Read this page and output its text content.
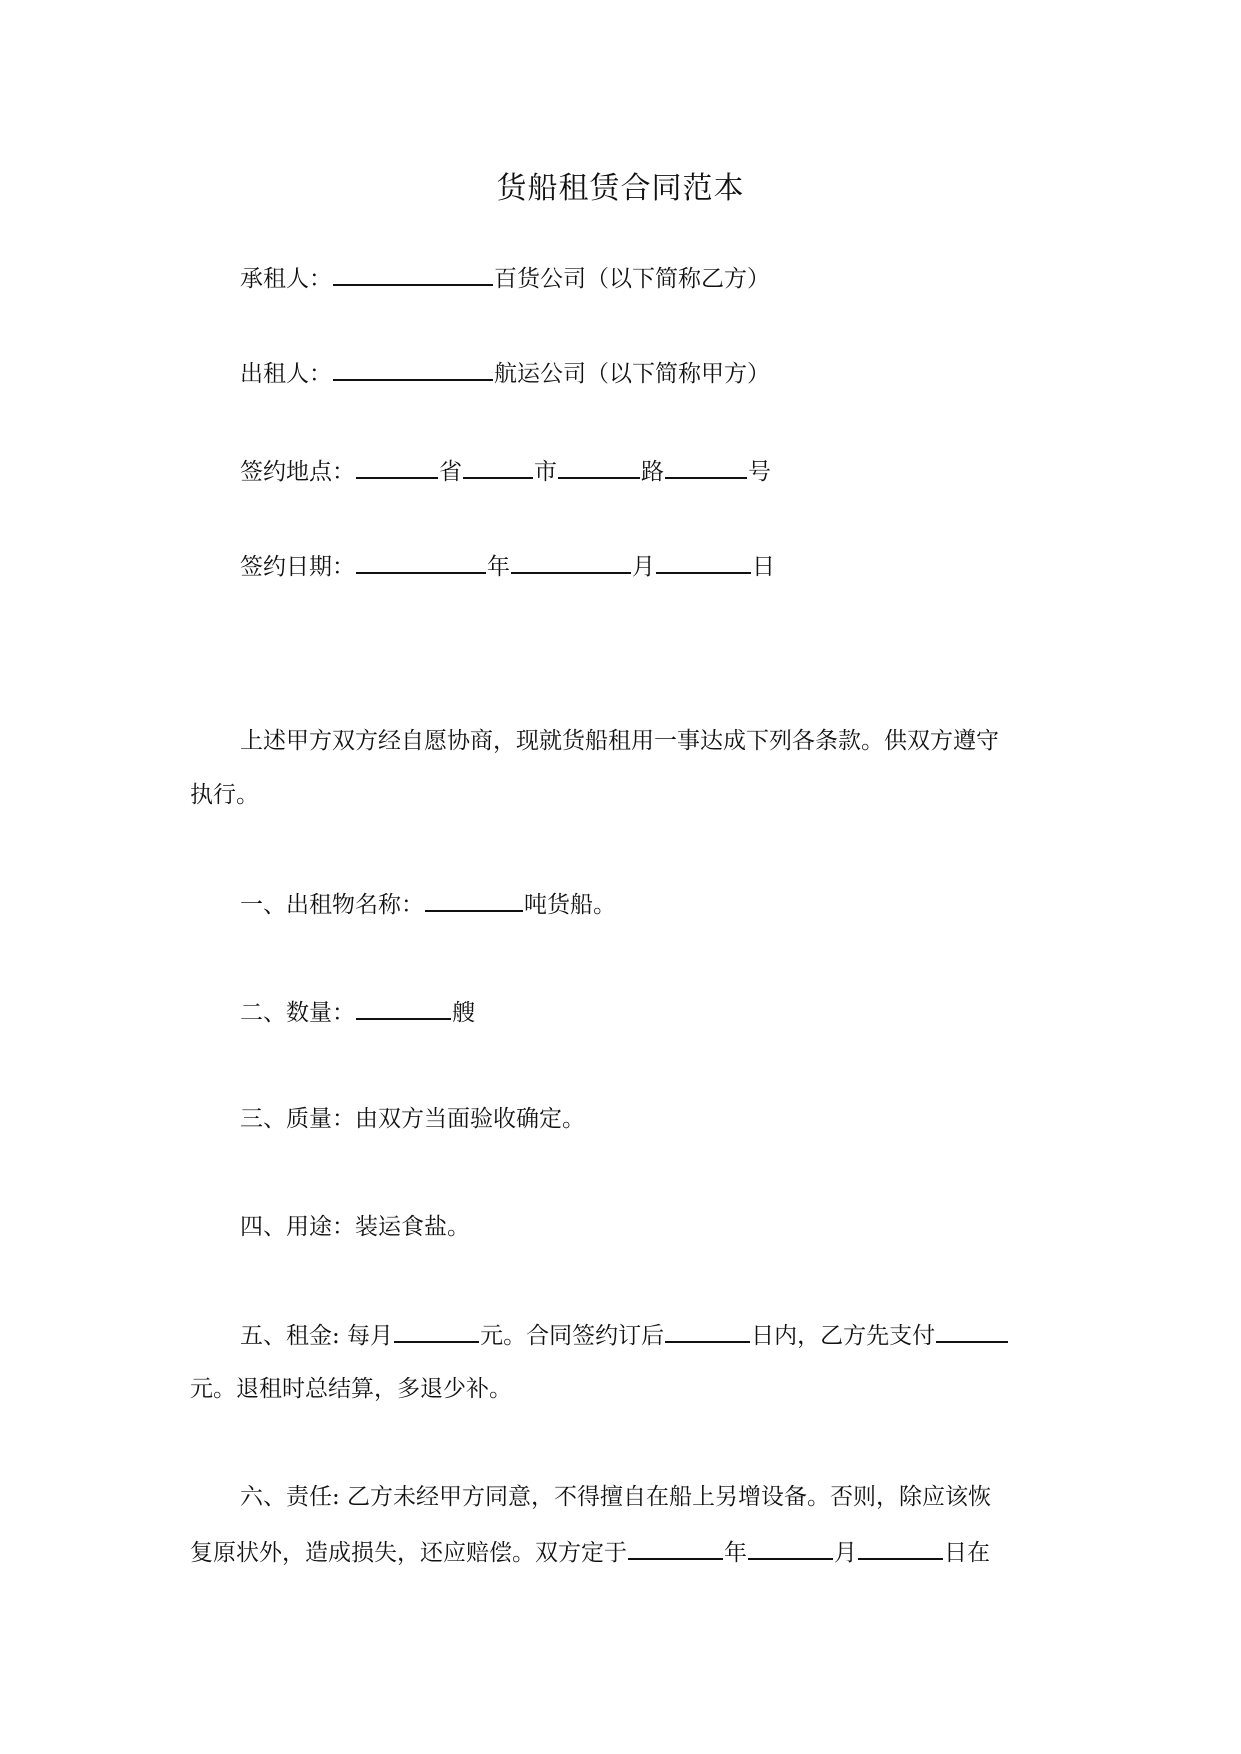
货船租赁合同范本
承租人：	百货公司（以下简称乙方）
出租人：	航运公司（以下简称甲方）
签约地点：	省	市	路	号
签约日期：	年	月	日
上述甲方双方经自愿协商，现就货船租用一事达成下列各条款。供双方遵守
执行。
一、出租物名称：	吨货船。
二、数量：	艘
三、质量：由双方当面验收确定。
四、用途：装运食盐。
五、租金: 每月	元。合同签约订后	日内，乙方先支付
元。退租时总结算，多退少补。
六、责任: 乙方未经甲方同意，不得擅自在船上另增设备。否则，除应该恢
复原状外，造成损失，还应赔偿。双方定于	年	月	日在
